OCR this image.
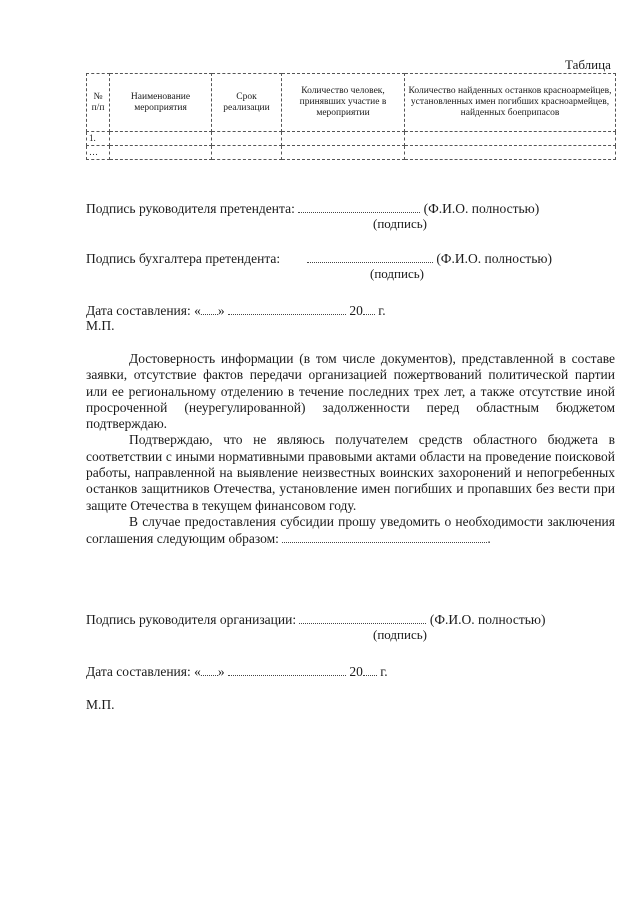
Таблица
№ п/п	Наименование мероприятия	Срок реализации	Количество человек, принявших участие в мероприятии	Количество найденных останков красноармейцев, установленных имен погибших красноармейцев, найденных боеприпасов
1.				
…				
Подпись руководителя претендента:	(Ф.И.О. полностью)
(подпись)
Подпись бухгалтера претендента:	(Ф.И.О. полностью)
(подпись)
Дата составления: « »	20 г.
М.П.

Достоверность информации (в том числе документов), представленной в составе заявки, отсутствие фактов передачи организацией пожертвований политической партии или ее региональному отделению в течение последних трех лет, а также отсутствие иной просроченной (неурегулированной) задолженности перед областным бюджетом подтверждаю.

Подтверждаю, что не являюсь получателем средств областного бюджета в соответствии с иными нормативными правовыми актами области на проведение поисковой работы, направленной на выявление неизвестных воинских захоронений и непогребенных останков защитников Отечества, установление имен погибших и пропавших без вести при защите Отечества в текущем финансовом году.

В случае предоставления субсидии прошу уведомить о необходимости заключения соглашения следующим образом:	.

Подпись руководителя организации:	(Ф.И.О. полностью)
(подпись)
Дата составления: « »	20 г.
М.П.
